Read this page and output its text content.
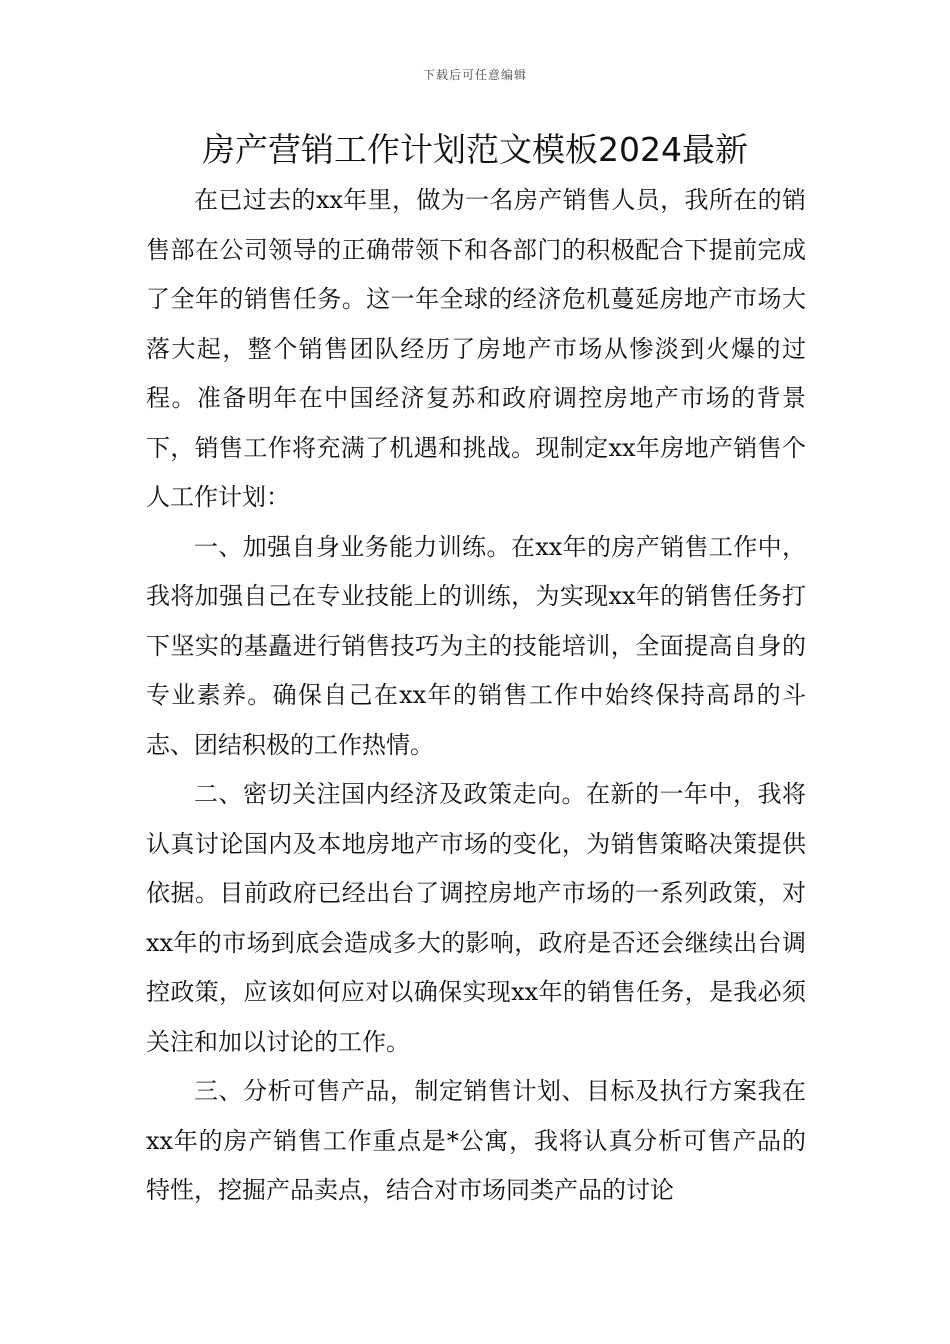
下载后可任意编辑
房产营销工作计划范文模板2024最新

在已过去的xx年里，做为一名房产销售人员，我所在的销售部在公司领导的正确带领下和各部门的积极配合下提前完成了全年的销售任务。这一年全球的经济危机蔓延房地产市场大落大起，整个销售团队经历了房地产市场从惨淡到火爆的过程。准备明年在中国经济复苏和政府调控房地产市场的背景下，销售工作将充满了机遇和挑战。现制定xx年房地产销售个人工作计划：

一、加强自身业务能力训练。在xx年的房产销售工作中，我将加强自己在专业技能上的训练，为实现xx年的销售任务打下坚实的基矗进行销售技巧为主的技能培训，全面提高自身的专业素养。确保自己在xx年的销售工作中始终保持高昂的斗志、团结积极的工作热情。

二、密切关注国内经济及政策走向。在新的一年中，我将认真讨论国内及本地房地产市场的变化，为销售策略决策提供依据。目前政府已经出台了调控房地产市场的一系列政策，对xx年的市场到底会造成多大的影响，政府是否还会继续出台调控政策，应该如何应对以确保实现xx年的销售任务，是我必须关注和加以讨论的工作。

三、分析可售产品，制定销售计划、目标及执行方案我在xx年的房产销售工作重点是*公寓，我将认真分析可售产品的特性，挖掘产品卖点，结合对市场同类产品的讨论
